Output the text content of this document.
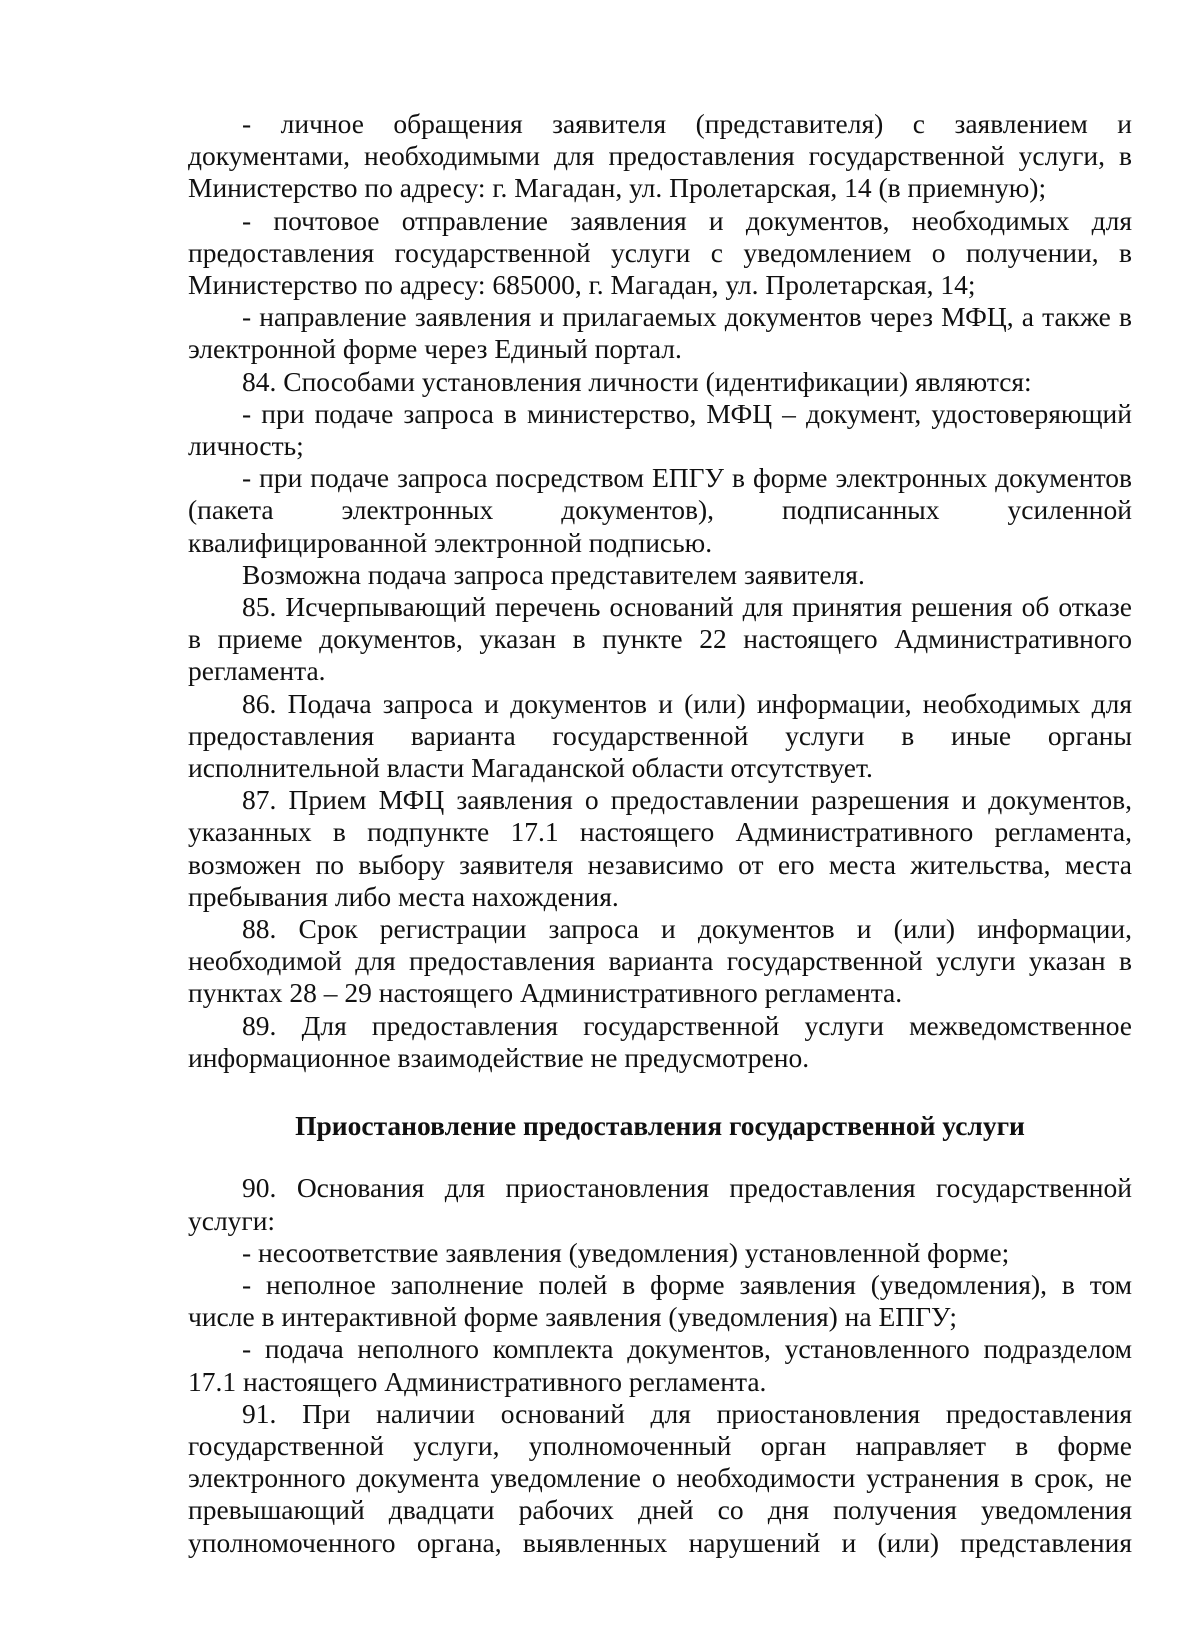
- личное обращения заявителя (представителя) с заявлением и документами, необходимыми для предоставления государственной услуги, в Министерство по адресу: г. Магадан, ул. Пролетарская, 14 (в приемную);

- почтовое отправление заявления и документов, необходимых для предоставления государственной услуги с уведомлением о получении, в Министерство по адресу: 685000, г. Магадан, ул. Пролетарская, 14;

- направление заявления и прилагаемых документов через МФЦ, а также в электронной форме через Единый портал.

84. Способами установления личности (идентификации) являются:

- при подаче запроса в министерство, МФЦ – документ, удостоверяющий личность;

- при подаче запроса посредством ЕПГУ в форме электронных документов (пакета электронных документов), подписанных усиленной квалифицированной электронной подписью.

Возможна подача запроса представителем заявителя.

85. Исчерпывающий перечень оснований для принятия решения об отказе в приеме документов, указан в пункте 22 настоящего Административного регламента.

86. Подача запроса и документов и (или) информации, необходимых для предоставления варианта государственной услуги в иные органы исполнительной власти Магаданской области отсутствует.

87. Прием МФЦ заявления о предоставлении разрешения и документов, указанных в подпункте 17.1 настоящего Административного регламента, возможен по выбору заявителя независимо от его места жительства, места пребывания либо места нахождения.

88. Срок регистрации запроса и документов и (или) информации, необходимой для предоставления варианта государственной услуги указан в пунктах 28 – 29 настоящего Административного регламента.

89. Для предоставления государственной услуги межведомственное информационное взаимодействие не предусмотрено.

Приостановление предоставления государственной услуги

90. Основания для приостановления предоставления государственной услуги:

- несоответствие заявления (уведомления) установленной форме;

- неполное заполнение полей в форме заявления (уведомления), в том числе в интерактивной форме заявления (уведомления) на ЕПГУ;

- подача неполного комплекта документов, установленного подразделом 17.1 настоящего Административного регламента.

91. При наличии оснований для приостановления предоставления государственной услуги, уполномоченный орган направляет в форме электронного документа уведомление о необходимости устранения в срок, не превышающий двадцати рабочих дней со дня получения уведомления уполномоченного органа, выявленных нарушений и (или) представления
